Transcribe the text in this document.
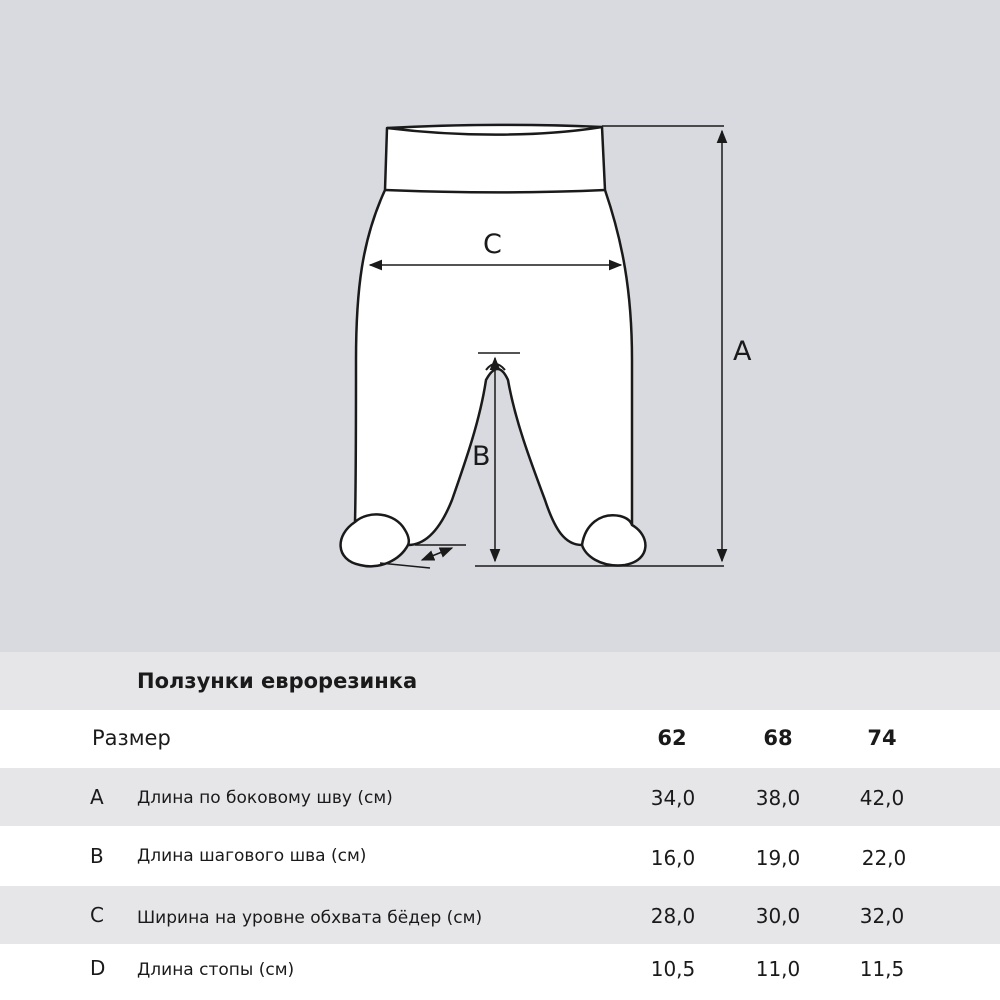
A
B
C
Ползунки еврорезинка
Размер	62	68	74
A	Длина по боковому шву (см)	34,0	38,0	42,0
B	Длина шагового шва (см)	16,0	19,0	22,0
C	Ширина на уровне обхвата бёдер (см)	28,0	30,0	32,0
D Длина стопы (см)	10,5	11,0	11,5
